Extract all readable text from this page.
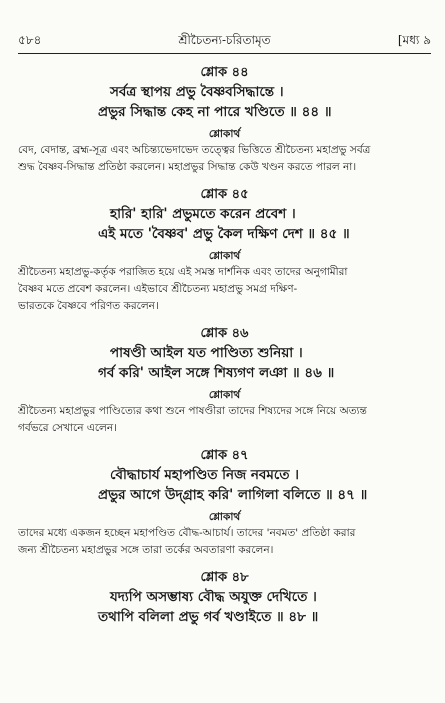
৫৮৪	শ্রীচৈতন্য-চরিতামৃত	[মধ্য ৯
শ্লোক ৪৪
সর্বত্র স্থাপয় প্রভু বৈষ্ণবসিদ্ধান্তে ।
প্রভুর সিদ্ধান্ত কেহ না পারে খণ্ডিতে ॥ ৪৪ ॥
শ্লোকার্থ
বেদ, বেদান্ত, ব্রহ্ম-সূত্র এবং অচিন্ত্যভেদাভেদ তত্ত্বের ভিত্তিতে শ্রীচৈতন্য মহাপ্রভু সর্বত্র
শুদ্ধ বৈষ্ণব-সিদ্ধান্ত প্রতিষ্ঠা করলেন। মহাপ্রভুর সিদ্ধান্ত কেউ খণ্ডন করতে পারল না।
শ্লোক ৪৫
হারি' হারি' প্রভুমতে করেন প্রবেশ ।
এই মতে 'বৈষ্ণব' প্রভু কৈল দক্ষিণ দেশ ॥ ৪৫ ॥
শ্লোকার্থ
শ্রীচৈতন্য মহাপ্রভু-কর্তৃক পরাজিত হয়ে এই সমস্ত দার্শনিক এবং তাদের অনুগামীরা
বৈষ্ণব মতে প্রবেশ করলেন। এইভাবে শ্রীচৈতন্য মহাপ্রভু সমগ্র দক্ষিণ-
ভারতকে বৈষ্ণবে পরিণত করলেন।
শ্লোক ৪৬
পাষণ্ডী আইল যত পাণ্ডিত্য শুনিয়া ।
গর্ব করি' আইল সঙ্গে শিষ্যগণ লঞা ॥ ৪৬ ॥
শ্লোকার্থ
শ্রীচৈতন্য মহাপ্রভুর পাণ্ডিত্যের কথা শুনে পাষণ্ডীরা তাদের শিষ্যদের সঙ্গে নিয়ে অত্যন্ত
গর্বভরে সেখানে এলেন।
শ্লোক ৪৭
বৌদ্ধাচার্য মহাপণ্ডিত নিজ নবমতে ।
প্রভুর আগে উদ্গ্রাহ করি' লাগিলা বলিতে ॥ ৪৭ ॥
শ্লোকার্থ
তাদের মধ্যে একজন হচ্ছেন মহাপণ্ডিত বৌদ্ধ-আচার্য। তাদের 'নবমত' প্রতিষ্ঠা করার
জন্য শ্রীচৈতন্য মহাপ্রভুর সঙ্গে তারা তর্কের অবতারণা করলেন।
শ্লোক ৪৮
যদ্যপি অসম্ভাষ্য বৌদ্ধ অযুক্ত দেখিতে ।
তথাপি বলিলা প্রভু গর্ব খণ্ডাইতে ॥ ৪৮ ॥
